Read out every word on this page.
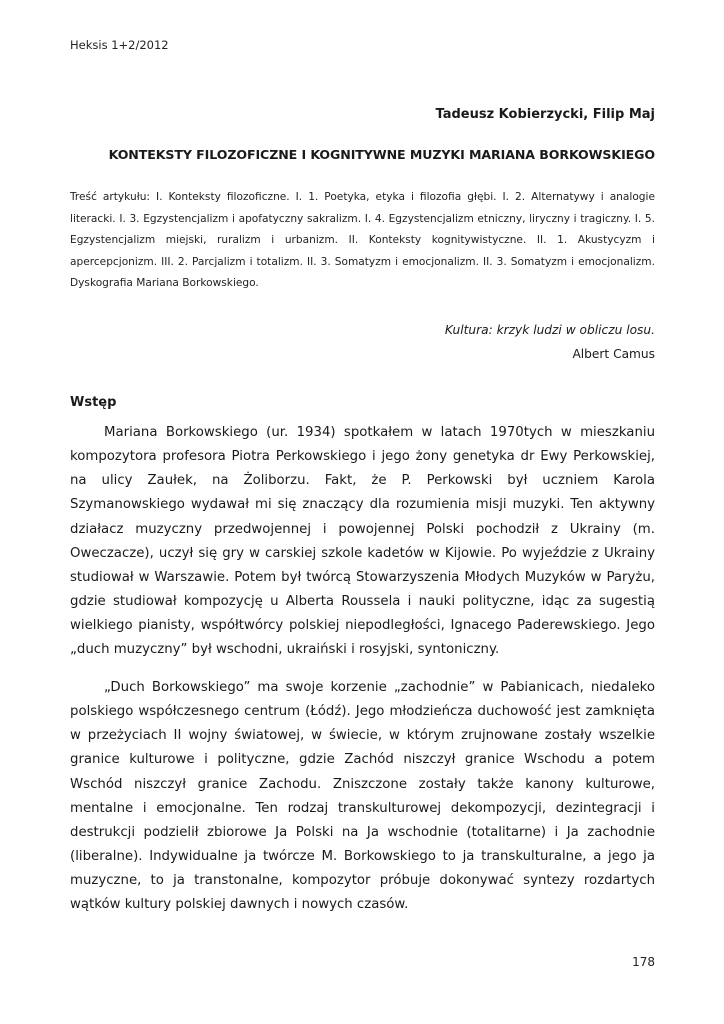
Heksis 1+2/2012
Tadeusz Kobierzycki, Filip Maj
KONTEKSTY FILOZOFICZNE I KOGNITYWNE MUZYKI MARIANA BORKOWSKIEGO
Treść artykułu: I. Konteksty filozoficzne. I. 1. Poetyka, etyka i filozofia głębi. I. 2. Alternatywy i analogie literacki. I. 3. Egzystencjalizm i apofatyczny sakralizm. I. 4. Egzystencjalizm etniczny, liryczny i tragiczny. I. 5. Egzystencjalizm miejski, ruralizm i urbanizm. II. Konteksty kognitywistyczne. II. 1. Akustycyzm i apercepcjonizm. III. 2. Parcjalizm i totalizm. II. 3. Somatyzm i emocjonalizm. II. 3. Somatyzm i emocjonalizm. Dyskografia Mariana Borkowskiego.
Kultura: krzyk ludzi w obliczu losu.
Albert Camus
Wstęp

Mariana Borkowskiego (ur. 1934) spotkałem w latach 1970tych w mieszkaniu kompozytora profesora Piotra Perkowskiego i jego żony genetyka dr Ewy Perkowskiej, na ulicy Zaułek, na Żoliborzu. Fakt, że P. Perkowski był uczniem Karola Szymanowskiego wydawał mi się znaczący dla rozumienia misji muzyki. Ten aktywny działacz muzyczny przedwojennej i powojennej Polski pochodził z Ukrainy (m. Oweczacze), uczył się gry w carskiej szkole kadetów w Kijowie. Po wyjeździe z Ukrainy studiował w Warszawie. Potem był twórcą Stowarzyszenia Młodych Muzyków w Paryżu, gdzie studiował kompozycję u Alberta Roussela i nauki polityczne, idąc za sugestią wielkiego pianisty, współtwórcy polskiej niepodległości, Ignacego Paderewskiego. Jego „duch muzyczny” był wschodni, ukraiński i rosyjski, syntoniczny.

„Duch Borkowskiego” ma swoje korzenie „zachodnie” w Pabianicach, niedaleko polskiego współczesnego centrum (Łódź). Jego młodzieńcza duchowość jest zamknięta w przeżyciach II wojny światowej, w świecie, w którym zrujnowane zostały wszelkie granice kulturowe i polityczne, gdzie Zachód niszczył granice Wschodu a potem Wschód niszczył granice Zachodu. Zniszczone zostały także kanony kulturowe, mentalne i emocjonalne. Ten rodzaj transkulturowej dekompozycji, dezintegracji i destrukcji podzielił zbiorowe Ja Polski na Ja wschodnie (totalitarne) i Ja zachodnie (liberalne). Indywidualne ja twórcze M. Borkowskiego to ja transkulturalne, a jego ja muzyczne, to ja transtonalne, kompozytor próbuje dokonywać syntezy rozdartych wątków kultury polskiej dawnych i nowych czasów.

178
